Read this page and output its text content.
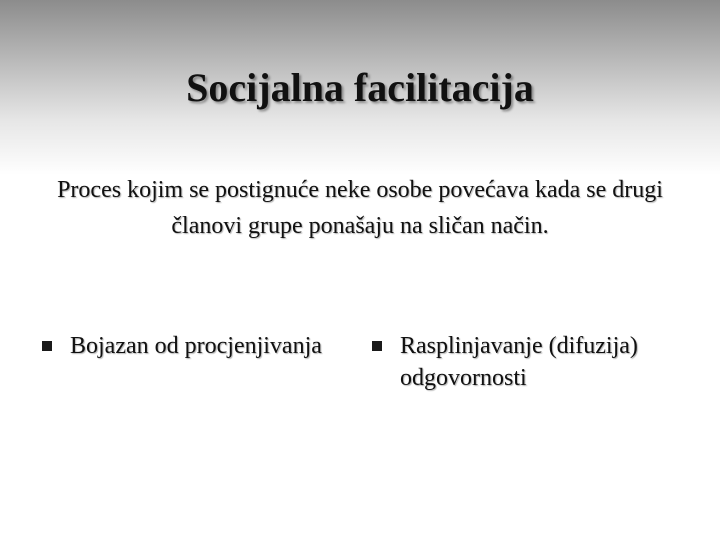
Socijalna facilitacija
Proces kojim se postignuće neke osobe povećava kada se drugi članovi grupe ponašaju na sličan način.
Bojazan od procjenjivanja	Rasplinjavanje (difuzija) odgovornosti
